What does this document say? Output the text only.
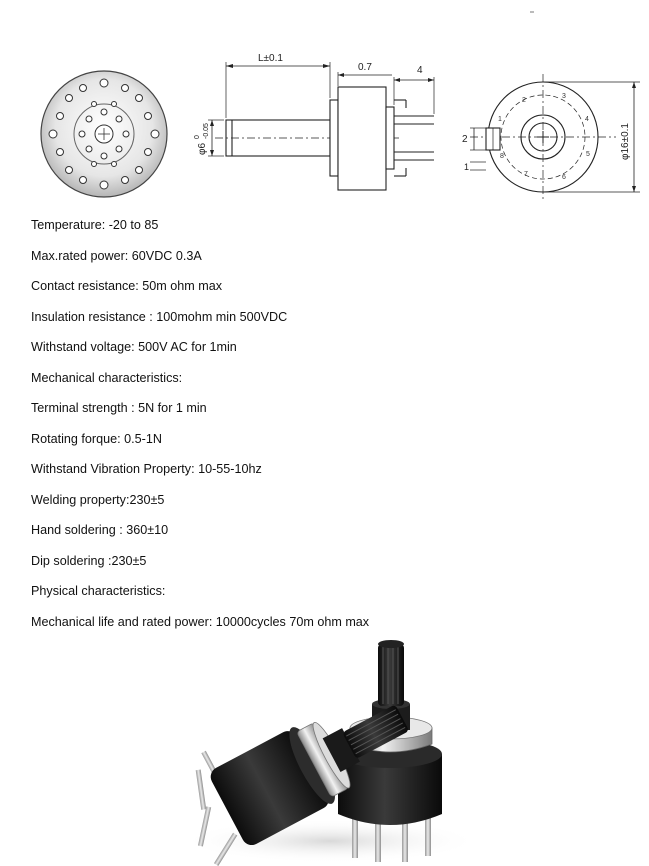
L±0.1
0.7	4
φ6
0 -0.05
2
1
φ16±0.1
1
2
3
4
5
6
7
8
Temperature: -20 to 85
Max.rated power: 60VDC 0.3A
Contact resistance: 50m ohm max
Insulation resistance : 100mohm min 500VDC
Withstand voltage: 500V AC for 1min
Mechanical characteristics:
Terminal strength : 5N for 1 min
Rotating forque: 0.5-1N
Withstand Vibration Property: 10-55-10hz
Welding property:230±5
Hand soldering : 360±10
Dip soldering :230±5
Physical characteristics:
Mechanical life and rated power: 10000cycles 70m ohm max
